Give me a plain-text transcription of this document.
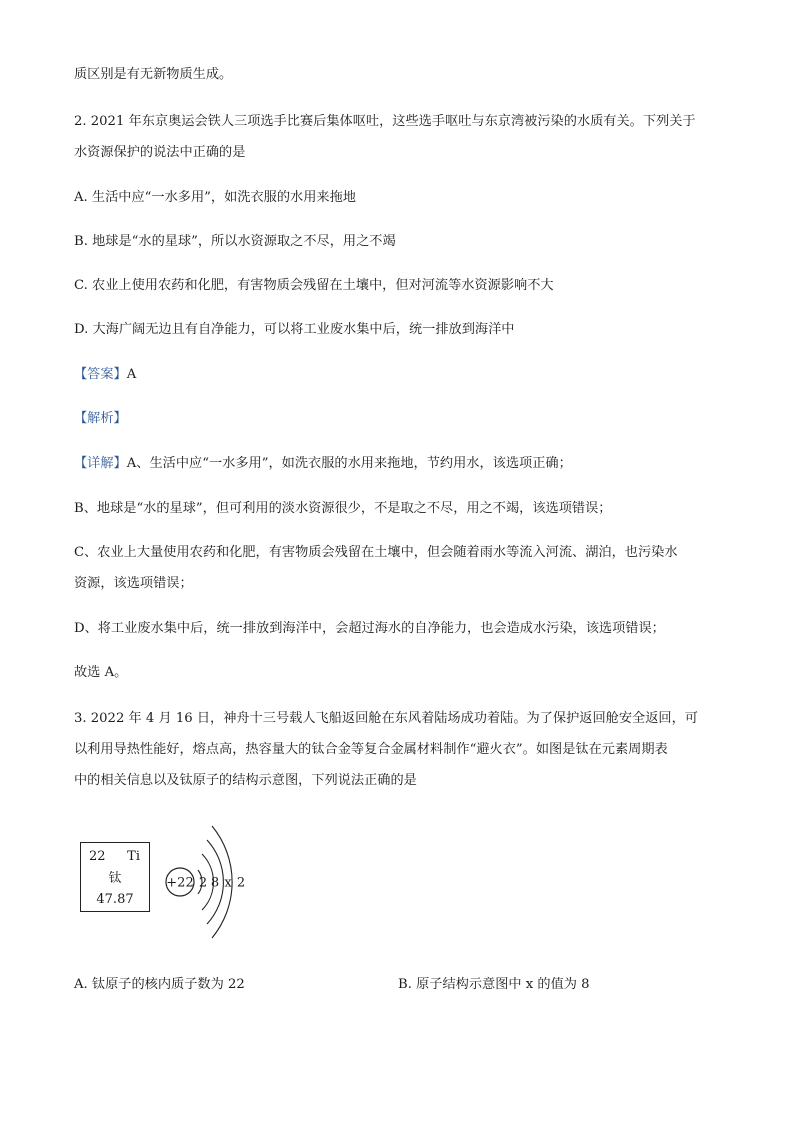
质区别是有无新物质生成。
2. 2021 年东京奥运会铁人三项选手比赛后集体呕吐，这些选手呕吐与东京湾被污染的水质有关。下列关于
水资源保护的说法中正确的是
A. 生活中应“一水多用”，如洗衣服的水用来拖地
B. 地球是“水的星球”，所以水资源取之不尽，用之不竭
C. 农业上使用农药和化肥，有害物质会残留在土壤中，但对河流等水资源影响不大
D. 大海广阔无边且有自净能力，可以将工业废水集中后，统一排放到海洋中
【答案】A
【解析】
【详解】A、生活中应“一水多用”，如洗衣服的水用来拖地，节约用水，该选项正确；
B、地球是“水的星球”，但可利用的淡水资源很少，不是取之不尽，用之不竭，该选项错误；
C、农业上大量使用农药和化肥，有害物质会残留在土壤中，但会随着雨水等流入河流、湖泊，也污染水
资源，该选项错误；
D、将工业废水集中后，统一排放到海洋中，会超过海水的自净能力，也会造成水污染，该选项错误；
故选 A。
3. 2022 年 4 月 16 日，神舟十三号载人飞船返回舱在东风着陆场成功着陆。为了保护返回舱安全返回，可
以利用导热性能好，熔点高，热容量大的钛合金等复合金属材料制作“避火衣”。如图是钛在元素周期表
中的相关信息以及钛原子的结构示意图，下列说法正确的是
22 Ti
钛
47.87
+22 2 8 x 2
A. 钛原子的核内质子数为 22	B. 原子结构示意图中 x 的值为 8
